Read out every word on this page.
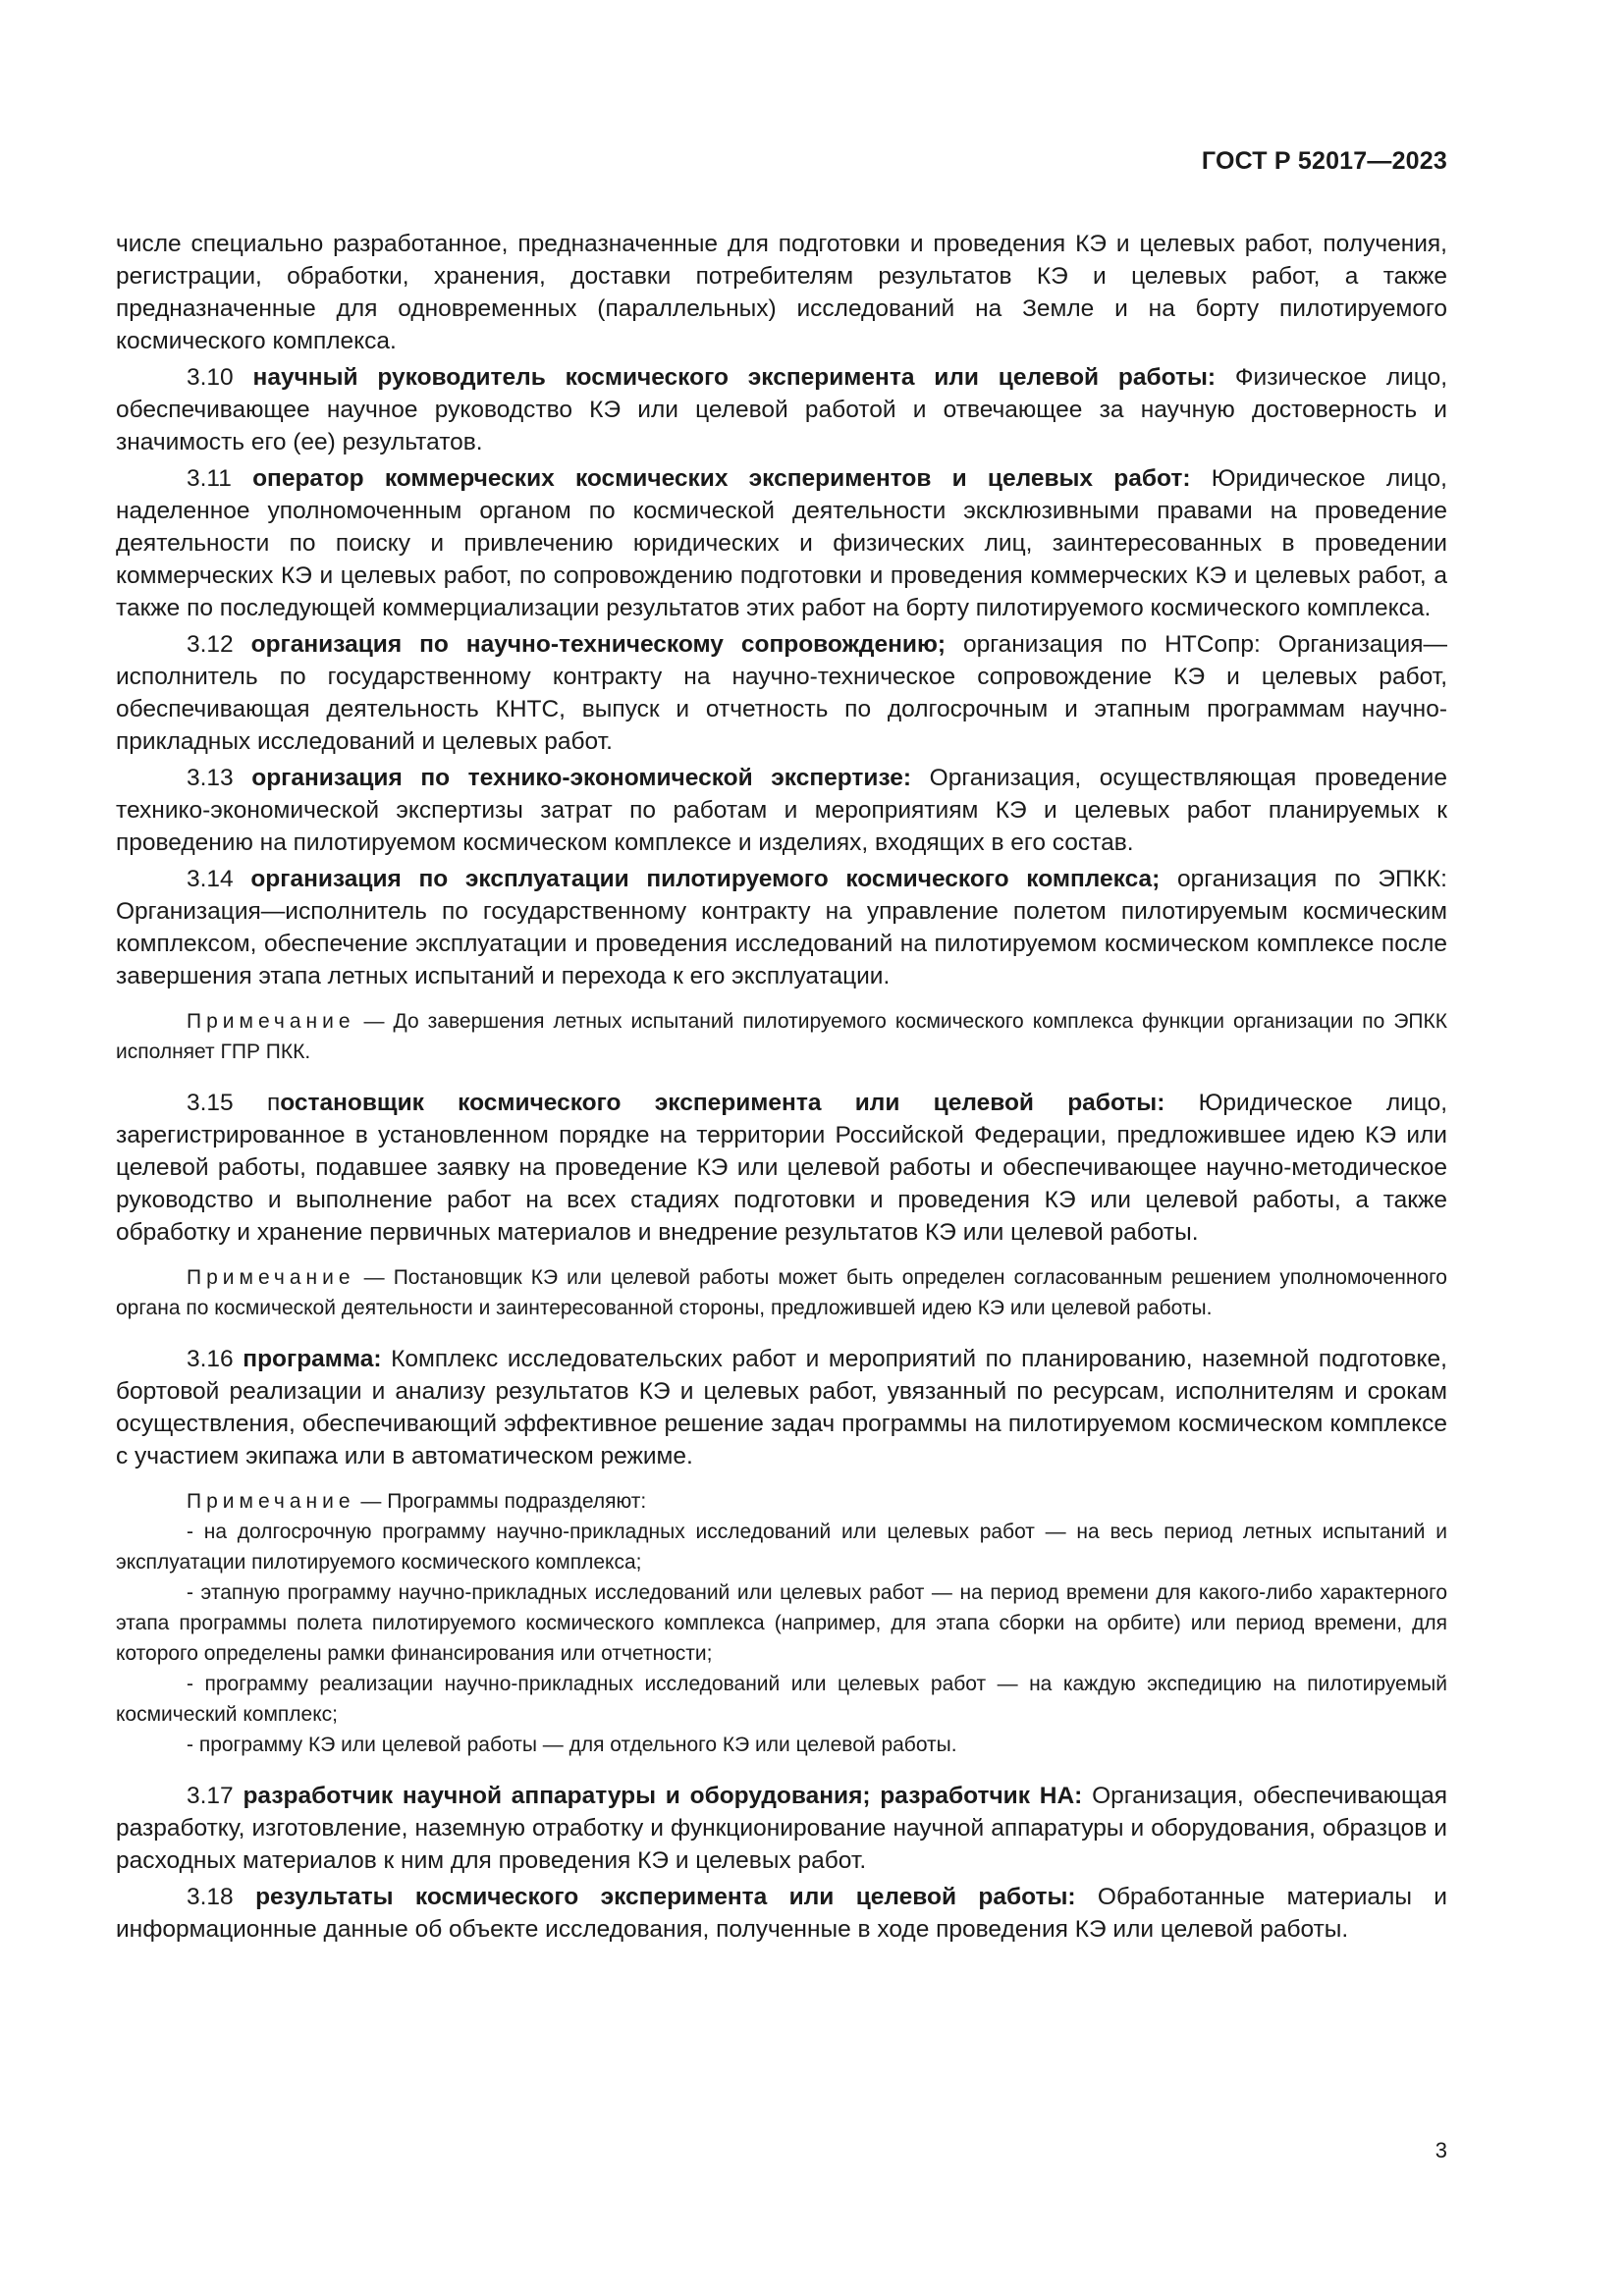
ГОСТ Р 52017—2023

числе специально разработанное, предназначенные для подготовки и проведения КЭ и целевых работ, получения, регистрации, обработки, хранения, доставки потребителям результатов КЭ и целевых работ, а также предназначенные для одновременных (параллельных) исследований на Земле и на борту пилотируемого космического комплекса.

3.10 научный руководитель космического эксперимента или целевой работы: Физическое лицо, обеспечивающее научное руководство КЭ или целевой работой и отвечающее за научную достоверность и значимость его (ее) результатов.

3.11 оператор коммерческих космических экспериментов и целевых работ: Юридическое лицо, наделенное уполномоченным органом по космической деятельности эксклюзивными правами на проведение деятельности по поиску и привлечению юридических и физических лиц, заинтересованных в проведении коммерческих КЭ и целевых работ, по сопровождению подготовки и проведения коммерческих КЭ и целевых работ, а также по последующей коммерциализации результатов этих работ на борту пилотируемого космического комплекса.

3.12 организация по научно-техническому сопровождению; организация по НТСопр: Организация—исполнитель по государственному контракту на научно-техническое сопровождение КЭ и целевых работ, обеспечивающая деятельность КНТС, выпуск и отчетность по долгосрочным и этапным программам научно-прикладных исследований и целевых работ.

3.13 организация по технико-экономической экспертизе: Организация, осуществляющая проведение технико-экономической экспертизы затрат по работам и мероприятиям КЭ и целевых работ планируемых к проведению на пилотируемом космическом комплексе и изделиях, входящих в его состав.

3.14 организация по эксплуатации пилотируемого космического комплекса; организация по ЭПКК: Организация—исполнитель по государственному контракту на управление полетом пилотируемым космическим комплексом, обеспечение эксплуатации и проведения исследований на пилотируемом космическом комплексе после завершения этапа летных испытаний и перехода к его эксплуатации.

Примечание — До завершения летных испытаний пилотируемого космического комплекса функции организации по ЭПКК исполняет ГПР ПКК.

3.15 постановщик космического эксперимента или целевой работы: Юридическое лицо, зарегистрированное в установленном порядке на территории Российской Федерации, предложившее идею КЭ или целевой работы, подавшее заявку на проведение КЭ или целевой работы и обеспечивающее научно-методическое руководство и выполнение работ на всех стадиях подготовки и проведения КЭ или целевой работы, а также обработку и хранение первичных материалов и внедрение результатов КЭ или целевой работы.

Примечание — Постановщик КЭ или целевой работы может быть определен согласованным решением уполномоченного органа по космической деятельности и заинтересованной стороны, предложившей идею КЭ или целевой работы.

3.16 программа: Комплекс исследовательских работ и мероприятий по планированию, наземной подготовке, бортовой реализации и анализу результатов КЭ и целевых работ, увязанный по ресурсам, исполнителям и срокам осуществления, обеспечивающий эффективное решение задач программы на пилотируемом космическом комплексе с участием экипажа или в автоматическом режиме.

Примечание — Программы подразделяют:

- на долгосрочную программу научно-прикладных исследований или целевых работ — на весь период летных испытаний и эксплуатации пилотируемого космического комплекса;

- этапную программу научно-прикладных исследований или целевых работ — на период времени для какого-либо характерного этапа программы полета пилотируемого космического комплекса (например, для этапа сборки на орбите) или период времени, для которого определены рамки финансирования или отчетности;

- программу реализации научно-прикладных исследований или целевых работ — на каждую экспедицию на пилотируемый космический комплекс;

- программу КЭ или целевой работы — для отдельного КЭ или целевой работы.

3.17 разработчик научной аппаратуры и оборудования; разработчик НА: Организация, обеспечивающая разработку, изготовление, наземную отработку и функционирование научной аппаратуры и оборудования, образцов и расходных материалов к ним для проведения КЭ и целевых работ.

3.18 результаты космического эксперимента или целевой работы: Обработанные материалы и информационные данные об объекте исследования, полученные в ходе проведения КЭ или целевой работы.

3
